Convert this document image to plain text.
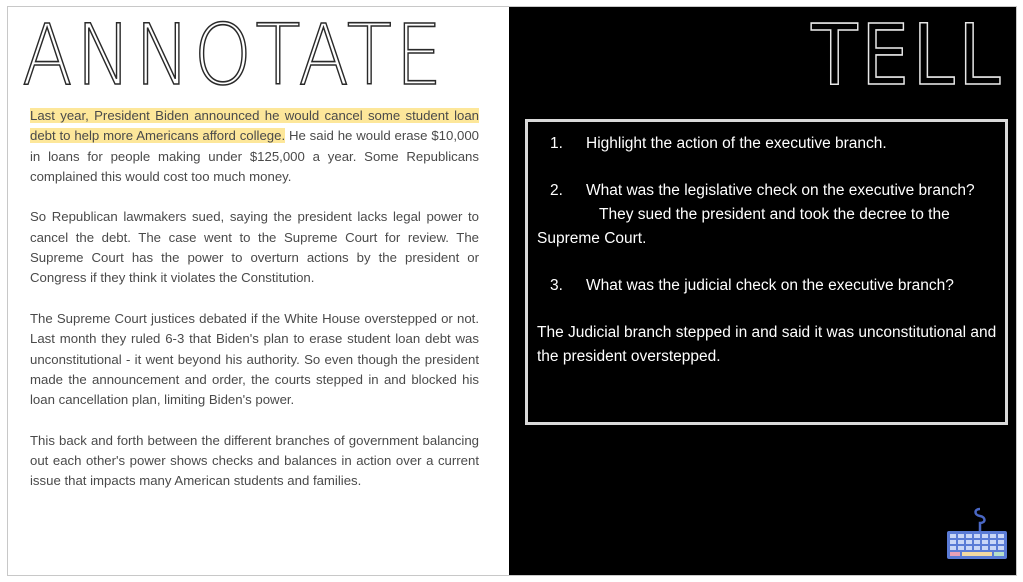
ANNOTATE

Last year, President Biden announced he would cancel some student loan debt to help more Americans afford college. He said he would erase $10,000 in loans for people making under $125,000 a year. Some Republicans complained this would cost too much money.

So Republican lawmakers sued, saying the president lacks legal power to cancel the debt. The case went to the Supreme Court for review. The Supreme Court has the power to overturn actions by the president or Congress if they think it violates the Constitution.

The Supreme Court justices debated if the White House overstepped or not. Last month they ruled 6-3 that Biden's plan to erase student loan debt was unconstitutional - it went beyond his authority. So even though the president made the announcement and order, the courts stepped in and blocked his loan cancellation plan, limiting Biden's power.

This back and forth between the different branches of government balancing out each other's power shows checks and balances in action over a current issue that impacts many American students and families.

TELL
1.	Highlight the action of the executive branch.
2.	What was the legislative check on the executive branch?
They sued the president and took the decree to the
Supreme Court.
3.	What was the judicial check on the executive branch?
The Judicial branch stepped in and said it was unconstitutional and
the president overstepped.
